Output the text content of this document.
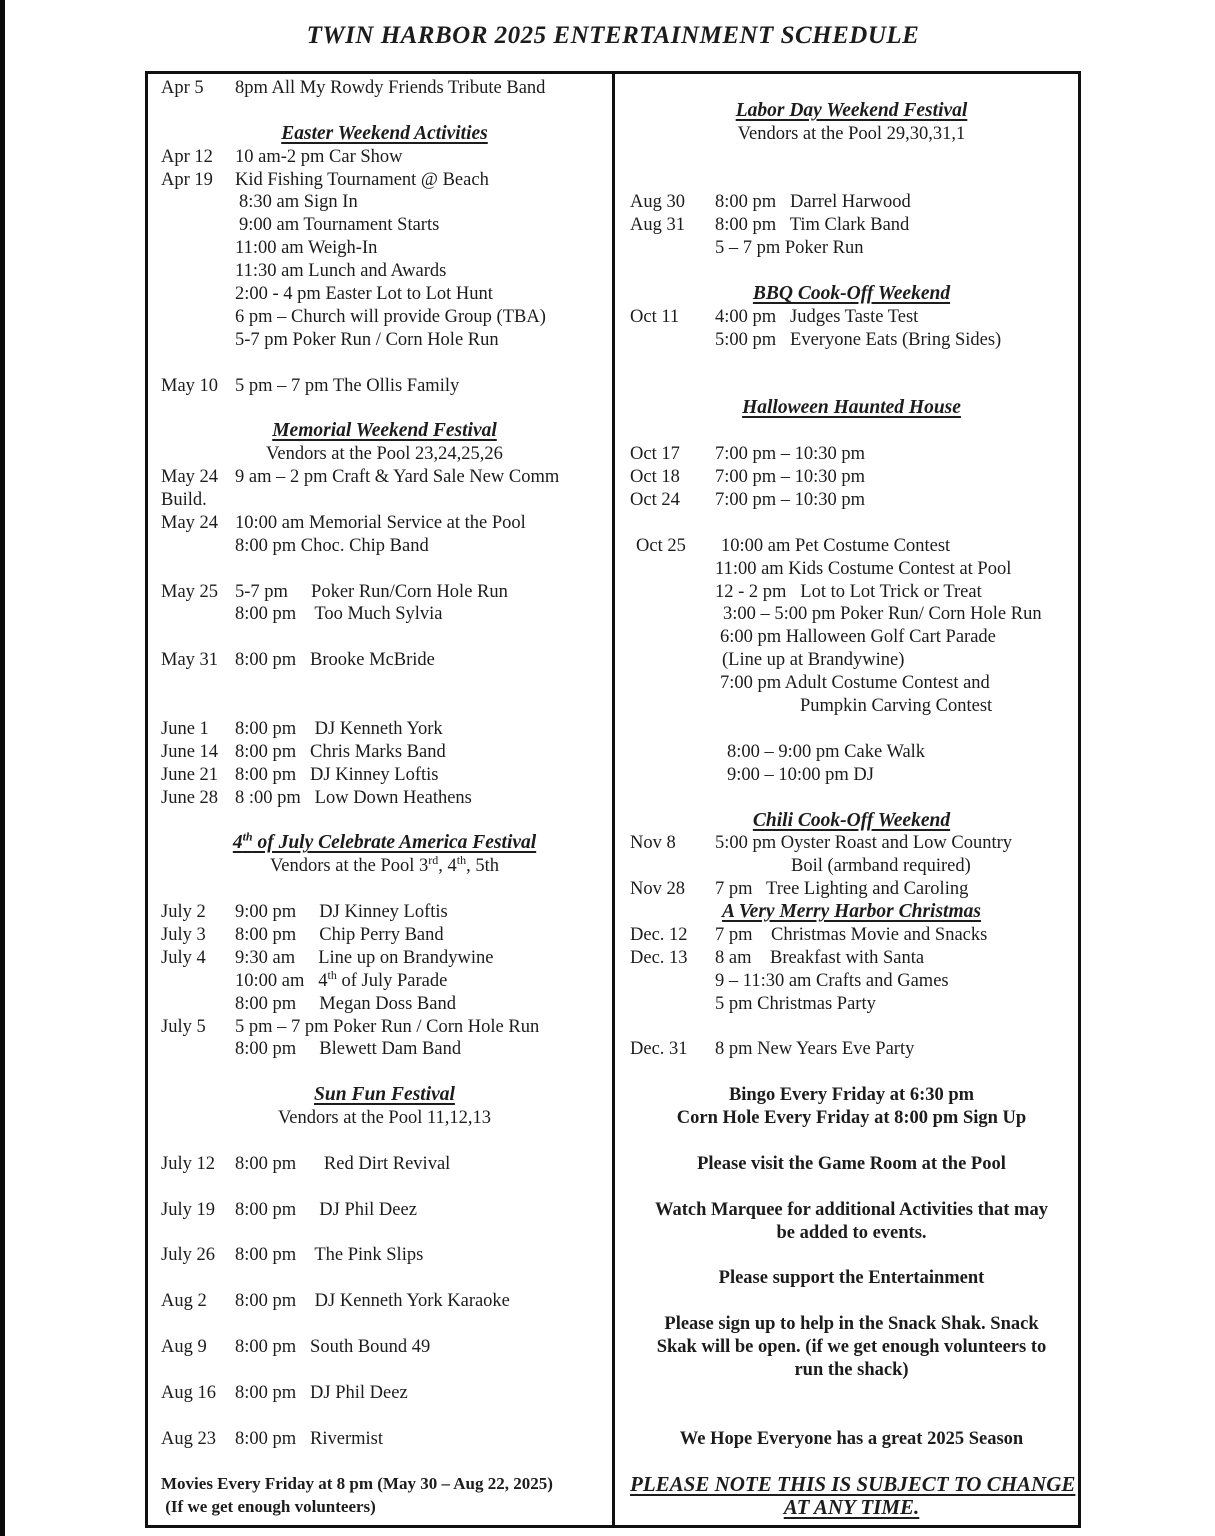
TWIN HARBOR 2025 ENTERTAINMENT SCHEDULE
Apr 5	8pm All My Rowdy Friends Tribute Band
Easter Weekend Activities
Apr 12	10 am-2 pm Car Show
Apr 19	Kid Fishing Tournament @ Beach
8:30 am Sign In
9:00 am Tournament Starts
11:00 am Weigh-In
11:30 am Lunch and Awards
2:00 - 4 pm Easter Lot to Lot Hunt
6 pm – Church will provide Group (TBA)
5-7 pm Poker Run / Corn Hole Run
May 10 5 pm – 7 pm The Ollis Family
Memorial Weekend Festival
Vendors at the Pool 23,24,25,26
May 24 9 am – 2 pm Craft & Yard Sale New Comm
Build.
May 24 10:00 am Memorial Service at the Pool
8:00 pm Choc. Chip Band
May 25 5-7 pm     Poker Run/Corn Hole Run
8:00 pm    Too Much Sylvia
May 31 8:00 pm   Brooke McBride
June 1	8:00 pm    DJ Kenneth York
June 14 8:00 pm   Chris Marks Band
June 21 8:00 pm   DJ Kinney Loftis
June 28 8 :00 pm   Low Down Heathens
4th of July Celebrate America Festival
Vendors at the Pool 3rd, 4th, 5th
July 2	9:00 pm     DJ Kinney Loftis
July 3	8:00 pm     Chip Perry Band
July 4	9:30 am     Line up on Brandywine
10:00 am   4th of July Parade
8:00 pm     Megan Doss Band
July 5	5 pm – 7 pm Poker Run / Corn Hole Run
8:00 pm     Blewett Dam Band
Sun Fun Festival
Vendors at the Pool 11,12,13
July 12	8:00 pm      Red Dirt Revival
July 19	8:00 pm     DJ Phil Deez
July 26	8:00 pm    The Pink Slips
Aug 2	8:00 pm    DJ Kenneth York Karaoke
Aug 9	8:00 pm   South Bound 49
Aug 16	8:00 pm   DJ Phil Deez
Aug 23	8:00 pm   Rivermist
Movies Every Friday at 8 pm (May 30 – Aug 22, 2025)
(If we get enough volunteers)
Labor Day Weekend Festival
Vendors at the Pool 29,30,31,1
Aug 30	8:00 pm   Darrel Harwood
Aug 31	8:00 pm   Tim Clark Band
5 – 7 pm Poker Run
BBQ Cook-Off Weekend
Oct 11	4:00 pm   Judges Taste Test
5:00 pm   Everyone Eats (Bring Sides)
Halloween Haunted House
Oct 17	7:00 pm – 10:30 pm
Oct 18	7:00 pm – 10:30 pm
Oct 24	7:00 pm – 10:30 pm
Oct 25	10:00 am Pet Costume Contest
11:00 am Kids Costume Contest at Pool
12 - 2 pm   Lot to Lot Trick or Treat
3:00 – 5:00 pm Poker Run/ Corn Hole Run
6:00 pm Halloween Golf Cart Parade
(Line up at Brandywine)
7:00 pm Adult Costume Contest and
Pumpkin Carving Contest
8:00 – 9:00 pm Cake Walk
9:00 – 10:00 pm DJ
Chili Cook-Off Weekend
Nov 8	5:00 pm Oyster Roast and Low Country
Boil (armband required)
Nov 28	7 pm   Tree Lighting and Caroling
A Very Merry Harbor Christmas
Dec. 12	7 pm    Christmas Movie and Snacks
Dec. 13	8 am    Breakfast with Santa
9 – 11:30 am Crafts and Games
5 pm Christmas Party
Dec. 31	8 pm New Years Eve Party
Bingo Every Friday at 6:30 pm
Corn Hole Every Friday at 8:00 pm Sign Up
Please visit the Game Room at the Pool
Watch Marquee for additional Activities that may
be added to events.
Please support the Entertainment
Please sign up to help in the Snack Shak. Snack
Skak will be open. (if we get enough volunteers to
run the shack)
We Hope Everyone has a great 2025 Season
PLEASE NOTE THIS IS SUBJECT TO CHANGE
AT ANY TIME.
